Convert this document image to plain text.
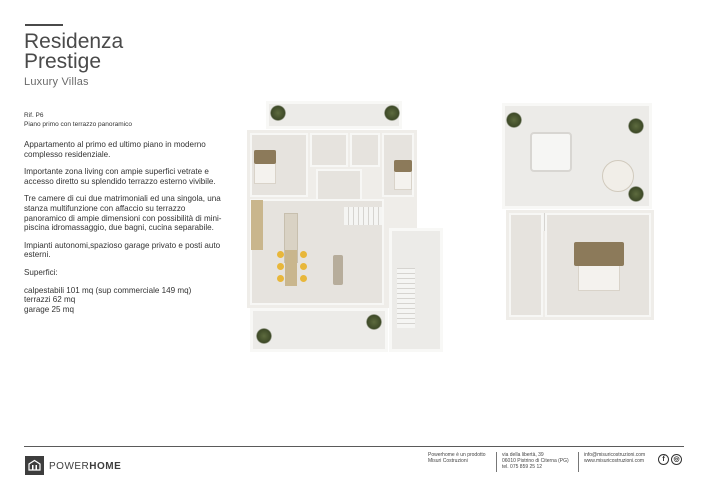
Residenza
Prestige
Luxury Villas
Rif. P6
Piano primo con terrazzo panoramico

Appartamento al primo ed ultimo piano in moderno complesso residenziale.

Importante zona living con ampie superfici vetrate e accesso diretto su splendido terrazzo esterno vivibile.

Tre camere di cui due matrimoniali ed una singola, una stanza multifunzione con affaccio su terrazzo panoramico di ampie dimensioni con possibilità di mini-piscina idromassaggio, due bagni, cucina separabile.

Impianti autonomi,spazioso garage privato e posti auto esterni.

Superfici:

calpestabili 101 mq (sup commerciale 149 mq)
terrazzi 62 mq
garage 25 mq
POWERHOME
Powerhome è un prodotto
Misuri Costruzioni
via della libertà, 39
06010 Pistrino di Citerna (PG)
tel. 075 859 25 12
info@misuricostruzioni.com
www.misuricostruzioni.com	f	◎
